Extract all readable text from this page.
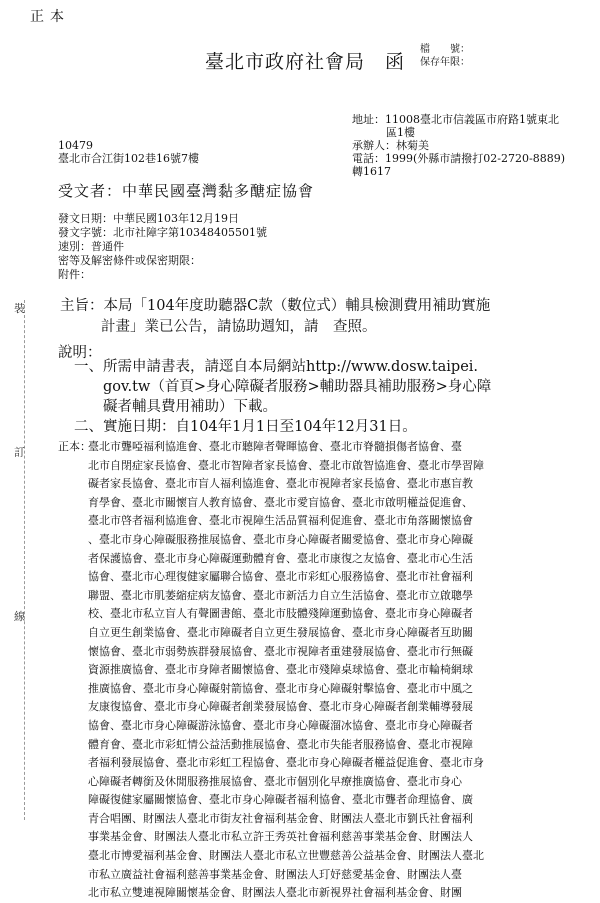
正本
檔　　號：
保存年限：
臺北市政府社會局　函
地址：11008臺北市信義區市府路1號東北
區1樓
承辦人：林菊美
電話：1999(外縣市請撥打02-2720-8889)
轉1617
10479
臺北市合江街102巷16號7樓
受文者：中華民國臺灣黏多醣症協會
發文日期：中華民國103年12月19日
發文字號：北市社障字第10348405501號
速別：普通件
密等及解密條件或保密期限：
附件：
主旨：本局「104年度助聽器C款（數位式）輔具檢測費用補助實施
計畫」業已公告，請協助週知，請　查照。
說明：
一、所需申請書表，請逕自本局網站http://www.dosw.taipei.
gov.tw（首頁>身心障礙者服務>輔助器具補助服務>身心障
礙者輔具費用補助）下載。
二、實施日期：自104年1月1日至104年12月31日。
裝
訂
線
正本：
臺北市聾啞福利協進會、臺北市聽障者聲暉協會、臺北市脊髓損傷者協會、臺
北市自閉症家長協會、臺北市智障者家長協會、臺北市啟智協進會、臺北市學習障
礙者家長協會、臺北市盲人福利協進會、臺北市視障者家長協會、臺北市惠盲教
育學會、臺北市關懷盲人教育協會、臺北市愛盲協會、臺北市啟明權益促進會、
臺北市啓者福利協進會、臺北市視障生活品質福利促進會、臺北市角落關懷協會
、臺北市身心障礙服務推展協會、臺北市身心障礙者關愛協會、臺北市身心障礙
者保護協會、臺北市身心障礙運動體育會、臺北市康復之友協會、臺北市心生活
協會、臺北市心理復健家屬聯合協會、臺北市彩虹心服務協會、臺北市社會福利
聯盟、臺北市肌萎縮症病友協會、臺北市新活力自立生活協會、臺北市立啟聰學
校、臺北市私立盲人有聲圖書館、臺北市肢體殘障運動協會、臺北市身心障礙者
自立更生創業協會、臺北市障礙者自立更生發展協會、臺北市身心障礙者互助關
懷協會、臺北市弱勢族群發展協會、臺北市視障者重建發展協會、臺北市行無礙
資源推廣協會、臺北市身障者關懷協會、臺北市殘障桌球協會、臺北市輪椅網球
推廣協會、臺北市身心障礙射箭協會、臺北市身心障礙射擊協會、臺北市中風之
友康復協會、臺北市身心障礙者創業發展協會、臺北市身心障礙者創業輔導發展
協會、臺北市身心障礙游泳協會、臺北市身心障礙溜冰協會、臺北市身心障礙者
體育會、臺北市彩虹情公益活動推展協會、臺北市失能者服務協會、臺北市視障
者福利發展協會、臺北市彩虹工程協會、臺北市身心障礙者權益促進會、臺北市身
心障礙者轉銜及休閒服務推展協會、臺北市個別化早療推廣協會、臺北市身心
障礙復健家屬關懷協會、臺北市身心障礙者福利協會、臺北市聾者命理協會、廣
青合唱團、財團法人臺北市街友社會福利基金會、財團法人臺北市劉氏社會福利
事業基金會、財團法人臺北市私立許王秀英社會福利慈善事業基金會、財團法人
臺北市博愛福利基金會、財團法人臺北市私立世豐慈善公益基金會、財團法人臺北
市私立廣益社會福利慈善事業基金會、財團法人玎妤慈愛基金會、財團法人臺
北市私立雙連視障關懷基金會、財團法人臺北市新視界社會福利基金會、財團
